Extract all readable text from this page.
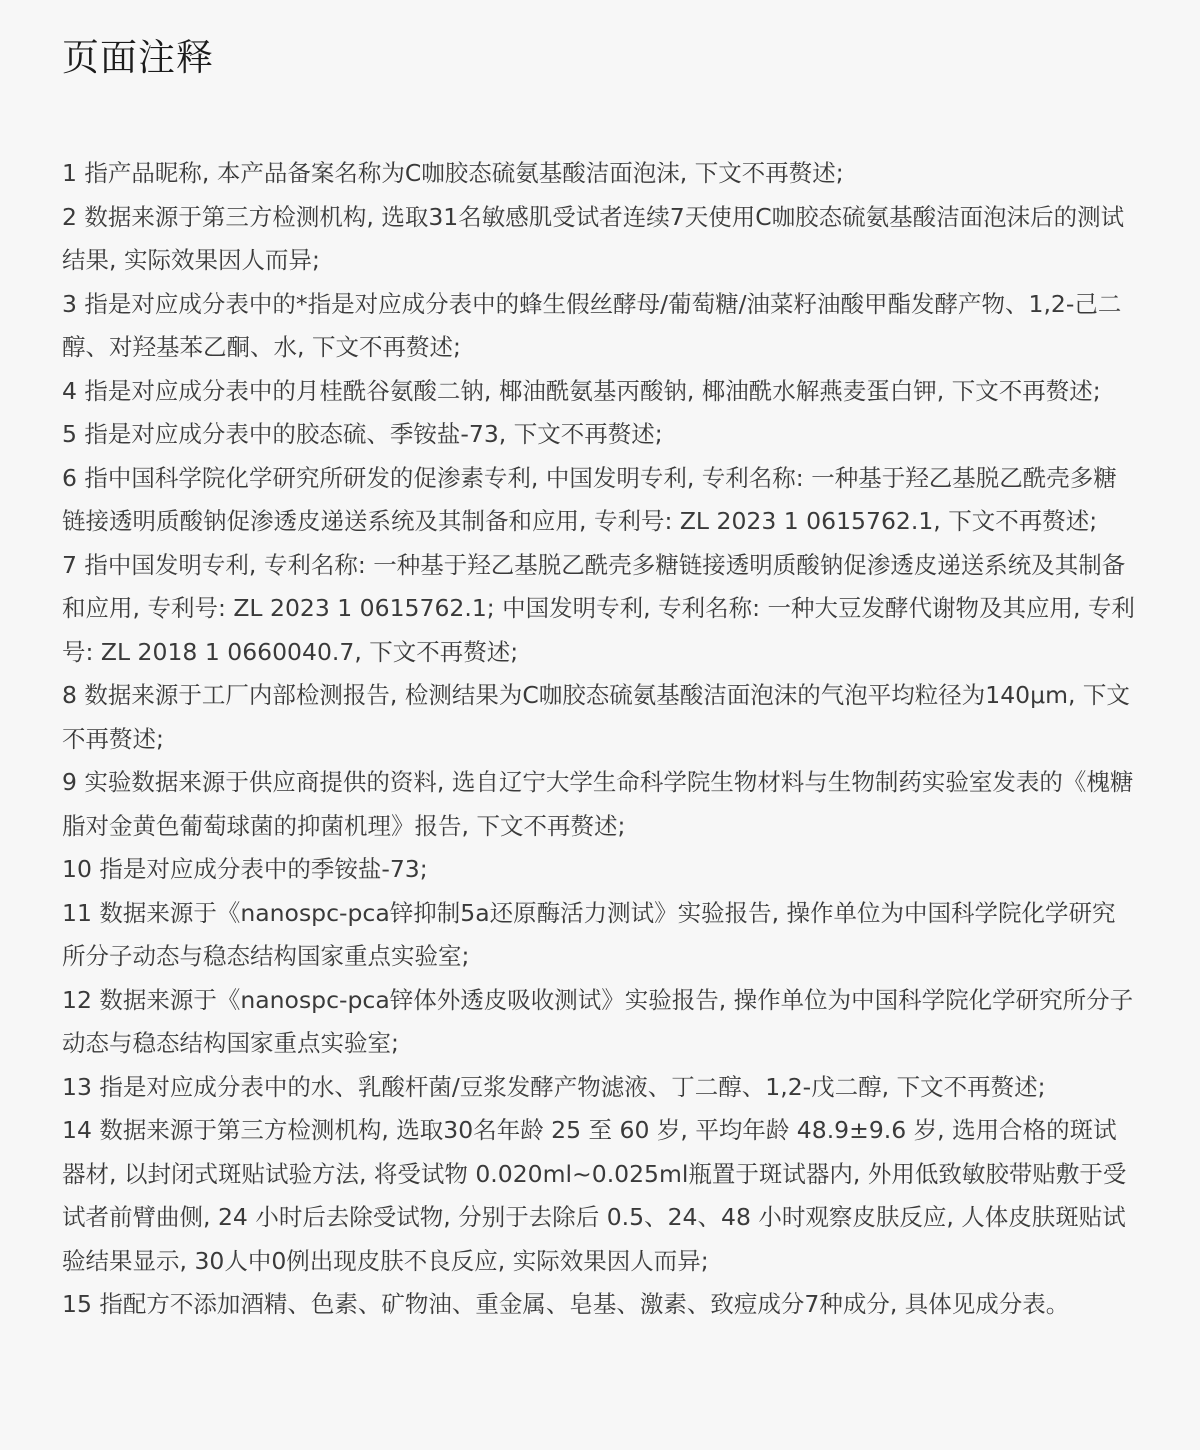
页面注释

1 指产品昵称, 本产品备案名称为C咖胶态硫氨基酸洁面泡沫, 下文不再赘述;

2 数据来源于第三方检测机构, 选取31名敏感肌受试者连续7天使用C咖胶态硫氨基酸洁面泡沫后的测试结果, 实际效果因人而异;

3 指是对应成分表中的*指是对应成分表中的蜂生假丝酵母/葡萄糖/油菜籽油酸甲酯发酵产物、1,2-己二醇、对羟基苯乙酮、水, 下文不再赘述;

4 指是对应成分表中的月桂酰谷氨酸二钠, 椰油酰氨基丙酸钠, 椰油酰水解燕麦蛋白钾, 下文不再赘述;

5 指是对应成分表中的胶态硫、季铵盐-73, 下文不再赘述;

6 指中国科学院化学研究所研发的促渗素专利, 中国发明专利, 专利名称: 一种基于羟乙基脱乙酰壳多糖链接透明质酸钠促渗透皮递送系统及其制备和应用, 专利号: ZL 2023 1 0615762.1, 下文不再赘述;

7 指中国发明专利, 专利名称: 一种基于羟乙基脱乙酰壳多糖链接透明质酸钠促渗透皮递送系统及其制备和应用, 专利号: ZL 2023 1 0615762.1; 中国发明专利, 专利名称: 一种大豆发酵代谢物及其应用, 专利号: ZL 2018 1 0660040.7, 下文不再赘述;

8 数据来源于工厂内部检测报告, 检测结果为C咖胶态硫氨基酸洁面泡沫的气泡平均粒径为140μm, 下文不再赘述;

9 实验数据来源于供应商提供的资料, 选自辽宁大学生命科学院生物材料与生物制药实验室发表的《槐糖脂对金黄色葡萄球菌的抑菌机理》报告, 下文不再赘述;

10 指是对应成分表中的季铵盐-73;

11 数据来源于《nanospc-pca锌抑制5a还原酶活力测试》实验报告, 操作单位为中国科学院化学研究所分子动态与稳态结构国家重点实验室;

12 数据来源于《nanospc-pca锌体外透皮吸收测试》实验报告, 操作单位为中国科学院化学研究所分子动态与稳态结构国家重点实验室;

13 指是对应成分表中的水、乳酸杆菌/豆浆发酵产物滤液、丁二醇、1,2-戊二醇, 下文不再赘述;

14 数据来源于第三方检测机构, 选取30名年龄 25 至 60 岁, 平均年龄 48.9±9.6 岁, 选用合格的斑试器材, 以封闭式斑贴试验方法, 将受试物 0.020ml~0.025ml瓶置于斑试器内, 外用低致敏胶带贴敷于受试者前臂曲侧, 24 小时后去除受试物, 分别于去除后 0.5、24、48 小时观察皮肤反应, 人体皮肤斑贴试验结果显示, 30人中0例出现皮肤不良反应, 实际效果因人而异;

15 指配方不添加酒精、色素、矿物油、重金属、皂基、激素、致痘成分7种成分, 具体见成分表。
